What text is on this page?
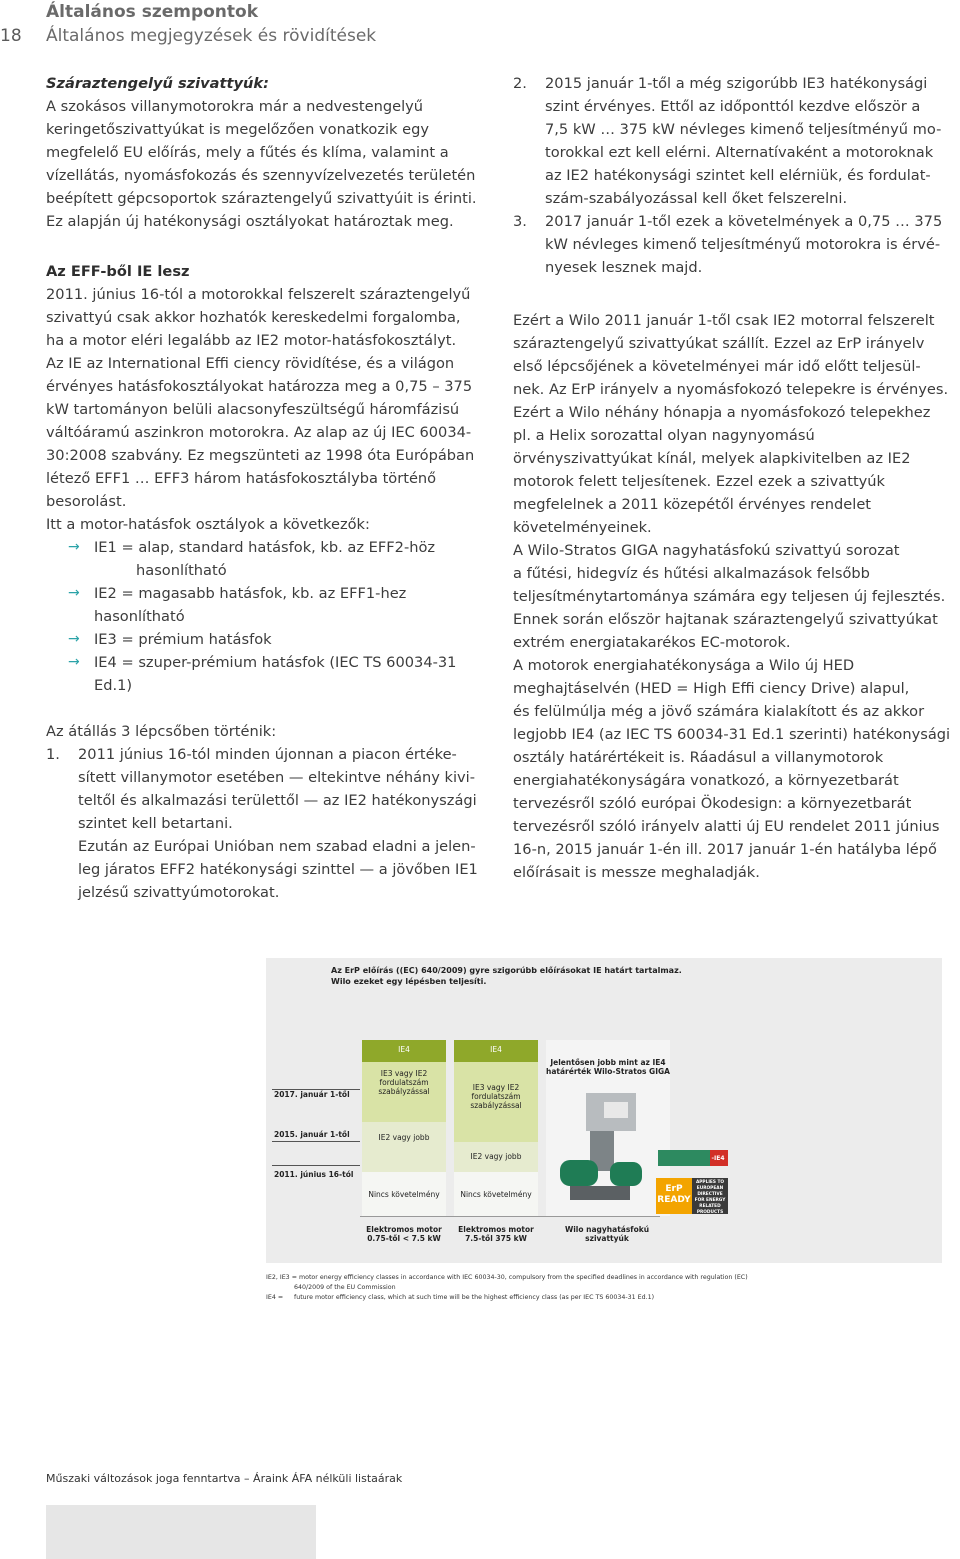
18
Általános szempontok
Általános megjegyzések és rövidítések

Száraztengelyű szivattyúk:

A szokásos villanymotorokra már a nedvestengelyű

keringetőszivattyúkat is megelőzően vonatkozik egy

megfelelő EU előírás, mely a fűtés és klíma, valamint a

vízellátás, nyomásfokozás és szennyvízelvezetés területén

beépített gépcsoportok száraztengelyű szivattyúit is érinti.

Ez alapján új hatékonysági osztályokat határoztak meg.

Az EFF-ből IE lesz

2011. június 16-tól a motorokkal felszerelt száraztengelyű

szivattyú csak akkor hozhatók kereskedelmi forgalomba,

ha a motor eléri legalább az IE2 motor-hatásfokosztályt.

Az IE az International Effi ciency rövidítése, és a világon

érvényes hatásfokosztályokat határozza meg a 0,75 – 375

kW tartományon belüli alacsonyfeszültségű háromfázisú

váltóáramú aszinkron motorokra. Az alap az új IEC 60034-

30:2008 szabvány. Ez megszünteti az 1998 óta Európában

létező EFF1 … EFF3 három hatásfokosztályba történő

besorolást.

Itt a motor-hatásfok osztályok a következők:

→ IE1 = alap, standard hatásfok, kb. az EFF2-höz

hasonlítható

→ IE2 = magasabb hatásfok, kb. az EFF1-hez

hasonlítható

→ IE3 = prémium hatásfok

→ IE4 = szuper-prémium hatásfok (IEC TS 60034-31

Ed.1)

Az átállás 3 lépcsőben történik:

1. 2011 június 16-tól minden újonnan a piacon értéke-

sített villanymotor esetében — eltekintve néhány kivi-

teltől és alkalmazási területtől — az IE2 hatékonyszági

szintet kell betartani.

Ezután az Európai Unióban nem szabad eladni a jelen-

leg járatos EFF2 hatékonysági szinttel — a jövőben IE1

jelzésű szivattyúmotorokat.

2. 2015 január 1-től a még szigorúbb IE3 hatékonysági

szint érvényes. Ettől az időponttól kezdve először a

7,5 kW … 375 kW névleges kimenő teljesítményű mo-

torokkal ezt kell elérni. Alternatívaként a motoroknak

az IE2 hatékonysági szintet kell elérniük, és fordulat-

szám-szabályozással kell őket felszerelni.

3. 2017 január 1-től ezek a követelmények a 0,75 … 375

kW névleges kimenő teljesítményű motorokra is érvé-

nyesek lesznek majd.

Ezért a Wilo 2011 január 1-től csak IE2 motorral felszerelt

száraztengelyű szivattyúkat szállít. Ezzel az ErP irányelv

első lépcsőjének a követelményei már idő előtt teljesül-

nek. Az ErP irányelv a nyomásfokozó telepekre is érvényes.

Ezért a Wilo néhány hónapja a nyomásfokozó telepekhez

pl. a Helix sorozattal olyan nagynyomású

örvényszivattyúkat kínál, melyek alapkivitelben az IE2

motorok felett teljesítenek. Ezzel ezek a szivattyúk

megfelelnek a 2011 közepétől érvényes rendelet

követelményeinek.

A Wilo-Stratos GIGA nagyhatásfokú szivattyú sorozat

a fűtési, hidegvíz és hűtési alkalmazások felsőbb

teljesítménytartománya számára egy teljesen új fejlesztés.

Ennek során először hajtanak száraztengelyű szivattyúkat

extrém energiatakarékos EC-motorok.

A motorok energiahatékonysága a Wilo új HED

meghajtáselvén (HED = High Effi ciency Drive) alapul,

és felülmúlja még a jövő számára kialakított és az akkor

legjobb IE4 (az IEC TS 60034-31 Ed.1 szerinti) hatékonysági

osztály határértékeit is. Ráadásul a villanymotorok

energiahatékonyságára vonatkozó, a környezetbarát

tervezésről szóló európai Ökodesign: a környezetbarát

tervezésről szóló irányelv alatti új EU rendelet 2011 június

16-n, 2015 január 1-én ill. 2017 január 1-én hatályba lépő

előírásait is messze meghaladják.

Az ErP előírás ((EC) 640/2009) gyre szigorúbb előírásokat IE határt tartalmaz.
Wilo ezeket egy lépésben teljesíti.
2017. január 1-től
2015. január 1-től
2011. június 16-tól
IE4
IE3 vagy IE2 fordulatszám szabályzással
IE2 vagy jobb
Nincs követelmény
IE4
IE3 vagy IE2 fordulatszám szabályzással
IE2 vagy jobb
Nincs követelmény
Jelentősen jobb mint az IE4 határérték Wilo-Stratos GIGA
-IE4
ErP READY
APPLIES TO EUROPEAN DIRECTIVE FOR ENERGY RELATED PRODUCTS
Elektromos motor 0.75-től < 7.5 kW
Elektromos motor 7.5-től 375 kW
Wilo nagyhatásfokú szivattyúk
IE2, IE3 = motor energy efficiency classes in accordance with IEC 60034-30, compulsory from the specified deadlines in accordance with regulation (EC)
640/2009 of the EU Commission
IE4 = future motor efficiency class, which at such time will be the highest efficiency class (as per IEC TS 60034-31 Ed.1)
Műszaki változások joga fenntartva – Áraink ÁFA nélküli listaárak
